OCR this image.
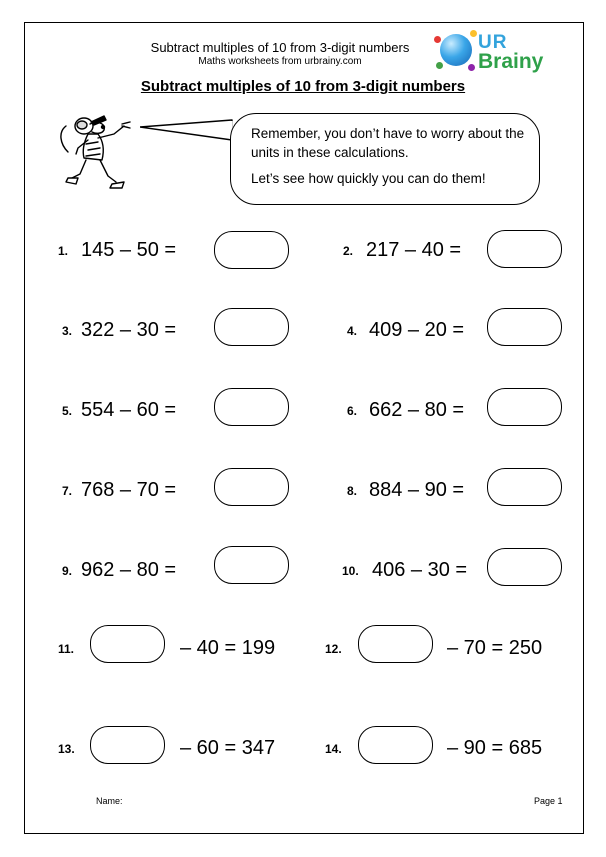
Subtract multiples of 10 from 3-digit numbers
Maths worksheets from urbrainy.com
UR
Brainy
Subtract multiples of 10 from 3-digit numbers
Remember, you don’t have to worry about the units in these calculations.
Let’s see how quickly you can do them!
1. 145 – 50 =	2. 217 – 40 =
3. 322 – 30 =	4. 409 – 20 =
5. 554 – 60 =	6. 662 – 80 =
7. 768 – 70 =	8. 884 – 90 =
9. 962 – 80 =	10. 406 – 30 =
11.	– 40 = 199	12.	– 70 = 250
13.	– 60 = 347	14.	– 90 = 685
Name:	Page 1
